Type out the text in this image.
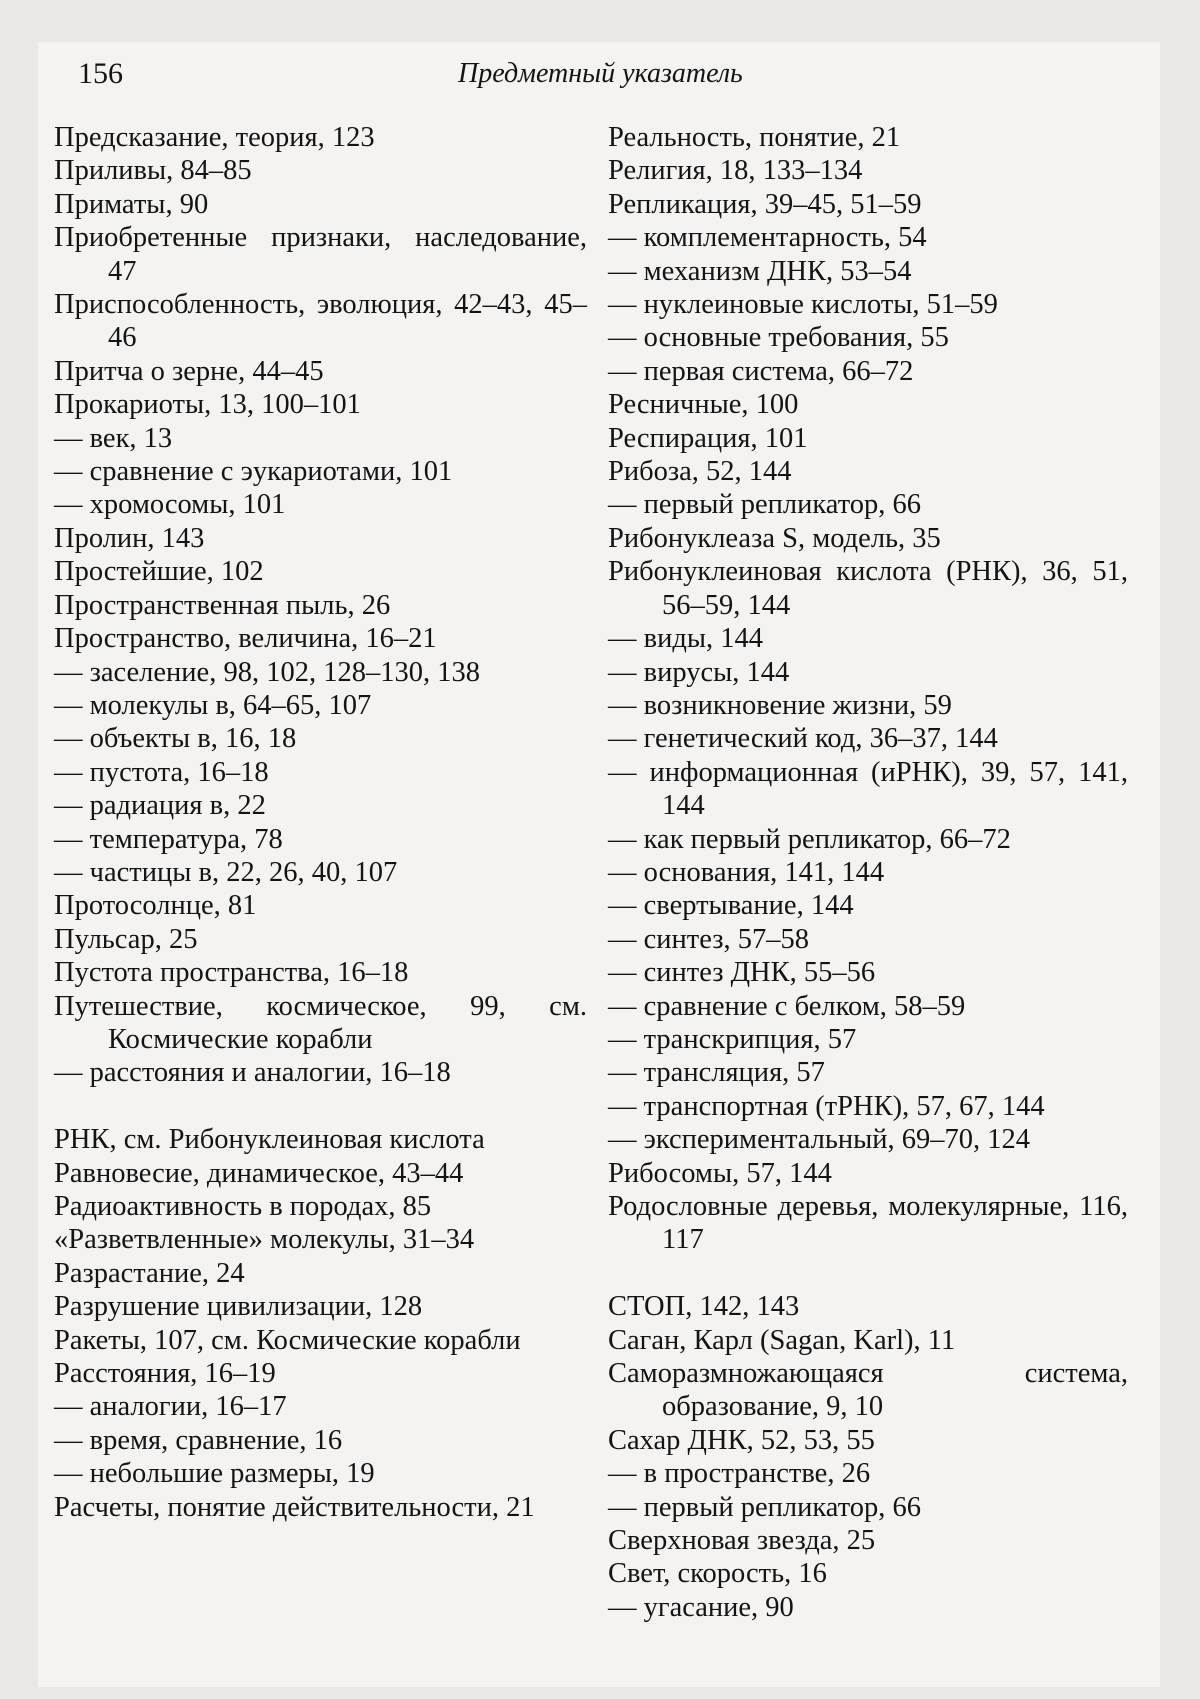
156	Предметный указатель
Предсказание, теория, 123
Приливы, 84–85
Приматы, 90
Приобретенные признаки, наследование, 47
Приспособленность, эволюция, 42–43, 45–46
Притча о зерне, 44–45
Прокариоты, 13, 100–101
— век, 13
— сравнение с эукариотами, 101
— хромосомы, 101
Пролин, 143
Простейшие, 102
Пространственная пыль, 26
Пространство, величина, 16–21
— заселение, 98, 102, 128–130, 138
— молекулы в, 64–65, 107
— объекты в, 16, 18
— пустота, 16–18
— радиация в, 22
— температура, 78
— частицы в, 22, 26, 40, 107
Протосолнце, 81
Пульсар, 25
Пустота пространства, 16–18
Путешествие, космическое, 99, см. Космические корабли
— расстояния и аналогии, 16–18
РНК, см. Рибонуклеиновая кислота
Равновесие, динамическое, 43–44
Радиоактивность в породах, 85
«Разветвленные» молекулы, 31–34
Разрастание, 24
Разрушение цивилизации, 128
Ракеты, 107, см. Космические корабли
Расстояния, 16–19
— аналогии, 16–17
— время, сравнение, 16
— небольшие размеры, 19
Расчеты, понятие действительности, 21
Реальность, понятие, 21
Религия, 18, 133–134
Репликация, 39–45, 51–59
— комплементарность, 54
— механизм ДНК, 53–54
— нуклеиновые кислоты, 51–59
— основные требования, 55
— первая система, 66–72
Ресничные, 100
Респирация, 101
Рибоза, 52, 144
— первый репликатор, 66
Рибонуклеаза S, модель, 35
Рибонуклеиновая кислота (РНК), 36, 51, 56–59, 144
— виды, 144
— вирусы, 144
— возникновение жизни, 59
— генетический код, 36–37, 144
— информационная (иРНК), 39, 57, 141, 144
— как первый репликатор, 66–72
— основания, 141, 144
— свертывание, 144
— синтез, 57–58
— синтез ДНК, 55–56
— сравнение с белком, 58–59
— транскрипция, 57
— трансляция, 57
— транспортная (тРНК), 57, 67, 144
— экспериментальный, 69–70, 124
Рибосомы, 57, 144
Родословные деревья, молекулярные, 116, 117
СТОП, 142, 143
Саган, Карл (Sagan, Karl), 11
Саморазмножающаяся система, образование, 9, 10
Сахар ДНК, 52, 53, 55
— в пространстве, 26
— первый репликатор, 66
Сверхновая звезда, 25
Свет, скорость, 16
— угасание, 90
